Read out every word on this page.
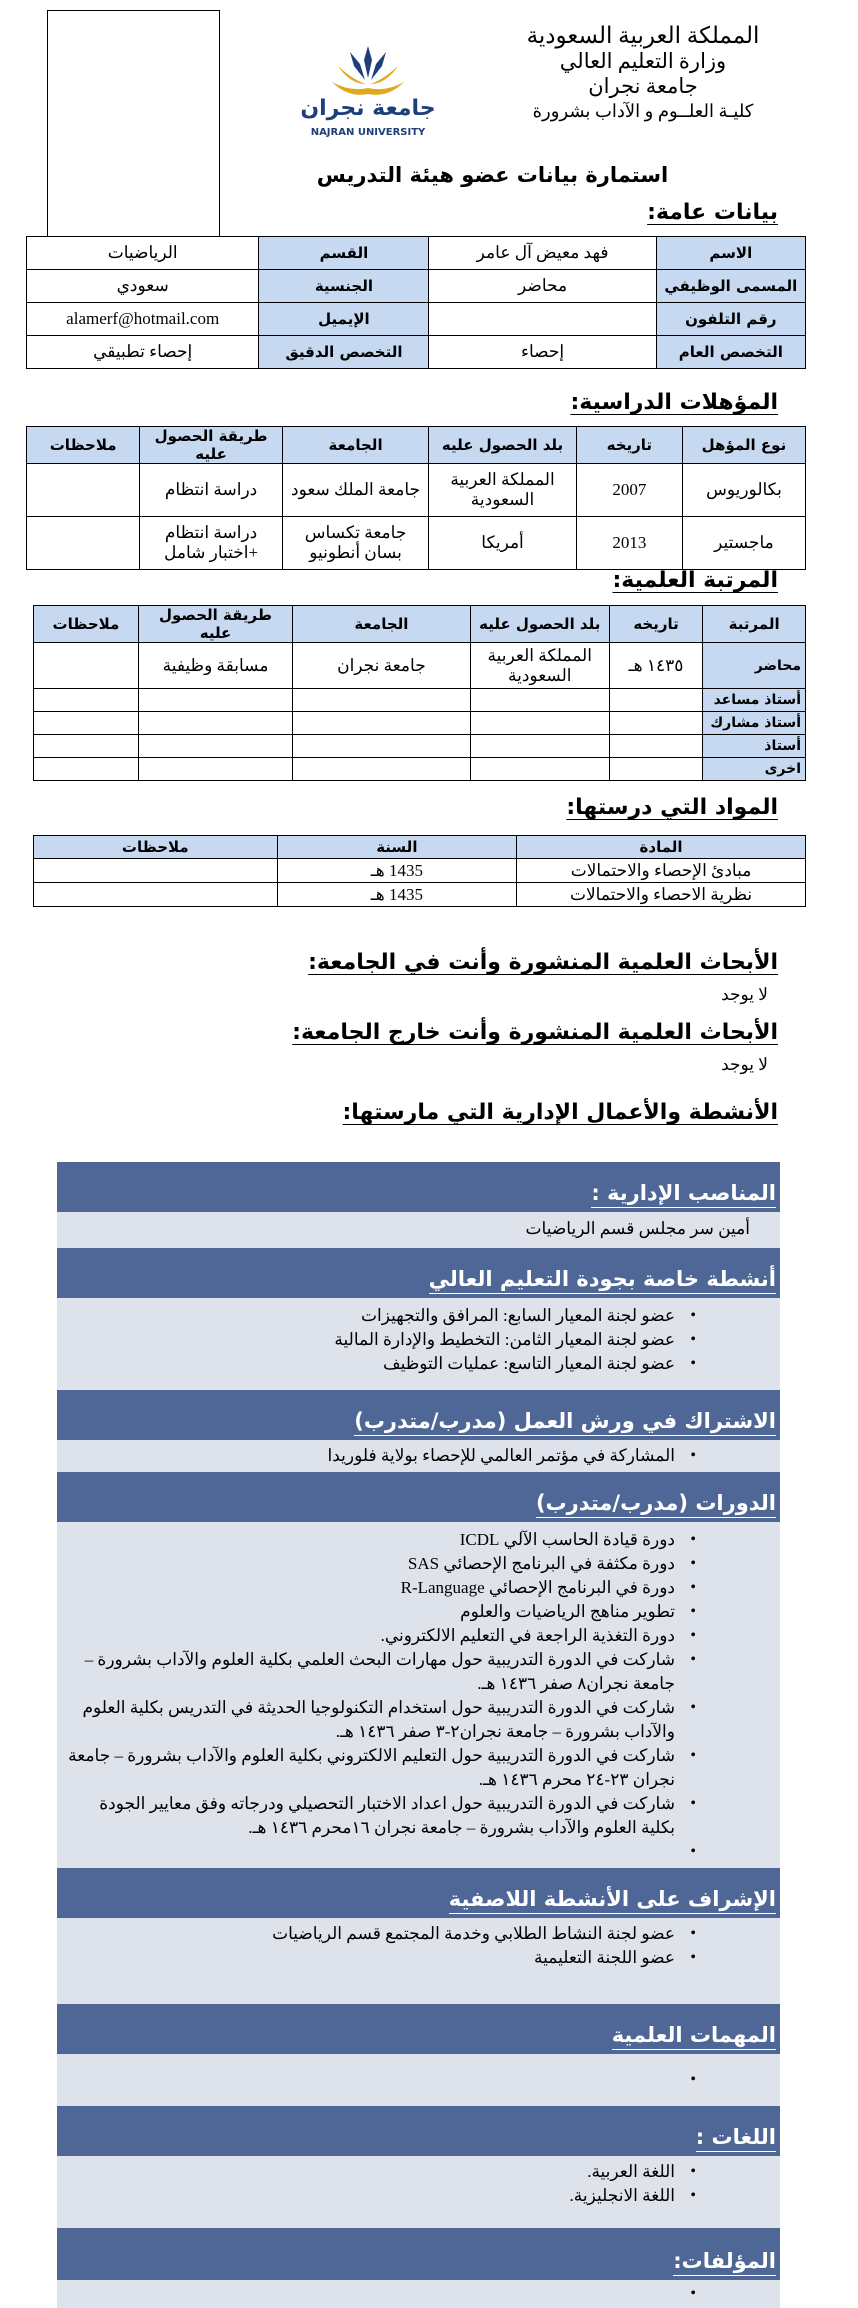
جامعة نجران
NAJRAN UNIVERSITY
المملكة العربية السعودية
وزارة التعليم العالي
جامعة نجران
كليـة العلــوم و الآداب بشرورة
استمارة بيانات عضو هيئة التدريس
بيانات عامة:
الاسم	فهد معيض آل عامر	القسم	الرياضيات
المسمى الوظيفي	محاضر	الجنسية	سعودي
رقم التلفون		الإيميل	alamerf@hotmail.com
التخصص العام	إحصاء	التخصص الدقيق	إحصاء تطبيقي
المؤهلات الدراسية:
نوع المؤهل	تاريخه	بلد الحصول عليه	الجامعة	طريقة الحصول عليه	ملاحظات
بكالوريوس	2007	المملكة العربية السعودية	جامعة الملك سعود	دراسة انتظام	
ماجستير	2013	أمريكا	جامعة تكساس بسان أنطونيو	دراسة انتظام +اختبار شامل	
المرتبة العلمية:
المرتبة	تاريخه	بلد الحصول عليه	الجامعة	طريقة الحصول عليه	ملاحظات
محاضر	١٤٣٥ هـ	المملكة العربية السعودية	جامعة نجران	مسابقة وظيفية	
أستاذ مساعد					
أستاذ مشارك					
أستاذ					
اخرى					
المواد التي درستها:
المادة	السنة	ملاحظات
مبادئ الإحصاء والاحتمالات	1435 هـ	
نظرية الاحصاء والاحتمالات	1435 هـ	
الأبحاث العلمية المنشورة وأنت في الجامعة:
لا يوجد
الأبحاث العلمية المنشورة وأنت خارج الجامعة:
لا يوجد
الأنشطة والأعمال الإدارية التي مارستها:
المناصب الإدارية :
أمين سر مجلس قسم الرياضيات
أنشطة خاصة بجودة التعليم العالي
• عضو لجنة المعيار السابع: المرافق والتجهيزات
• عضو لجنة المعيار الثامن: التخطيط والإدارة المالية
• عضو لجنة المعيار التاسع: عمليات التوظيف
الاشتراك في ورش العمل (مدرب/متدرب)
• المشاركة في مؤتمر العالمي للإحصاء بولاية فلوريدا
الدورات (مدرب/متدرب)
• دورة قيادة الحاسب الآلي ICDL
• دورة مكثفة في البرنامج الإحصائي SAS
• دورة في البرنامج الإحصائي R-Language
• تطوير مناهج الرياضيات والعلوم
• دورة التغذية الراجعة في التعليم الالكتروني.
• شاركت في الدورة التدريبية حول مهارات البحث العلمي بكلية العلوم والآداب بشرورة – جامعة نجران٨ صفر ١٤٣٦ هـ.
• شاركت في الدورة التدريبية حول استخدام التكنولوجيا الحديثة في التدريس بكلية العلوم والآداب بشرورة – جامعة نجران٢-٣ صفر ١٤٣٦ هـ.
• شاركت في الدورة التدريبية حول التعليم الالكتروني بكلية العلوم والآداب بشرورة – جامعة نجران ٢٣-٢٤ محرم ١٤٣٦ هـ.
• شاركت في الدورة التدريبية حول اعداد الاختبار التحصيلي ودرجاته وفق معايير الجودة بكلية العلوم والآداب بشرورة – جامعة نجران ١٦محرم ١٤٣٦ هـ.
الإشراف على الأنشطة اللاصفية
• عضو لجنة النشاط الطلابي وخدمة المجتمع قسم الرياضيات
• عضو اللجنة التعليمية
المهمات العلمية
اللغات :
• اللغة العربية.
• اللغة الانجليزية.
المؤلفات:
